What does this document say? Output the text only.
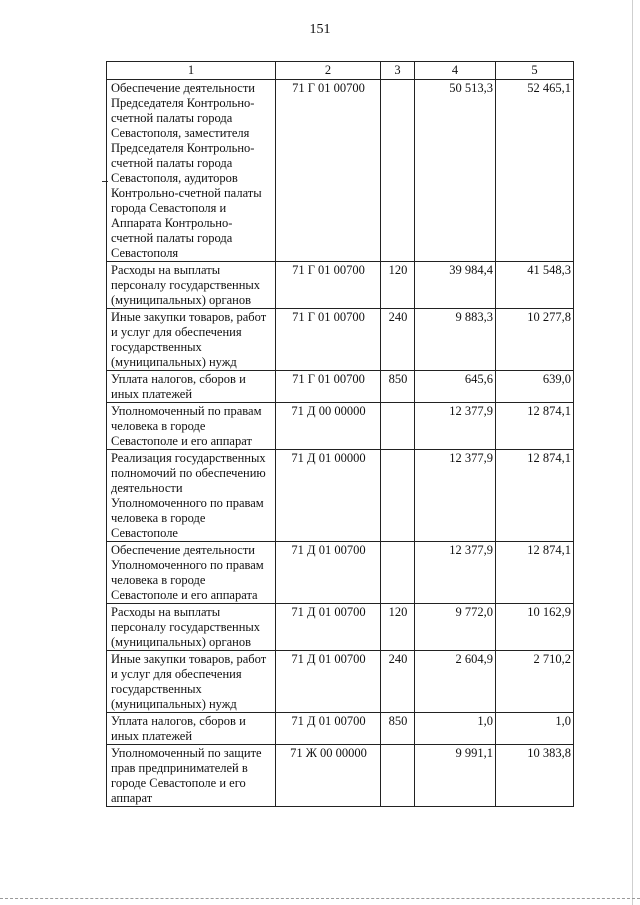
151
1	2	3	4	5
Обеспечение деятельности Председателя Контрольно-счетной палаты города Севастополя, заместителя Председателя Контрольно-счетной палаты города Севастополя, аудиторов Контрольно-счетной палаты города Севастополя и Аппарата Контрольно-счетной палаты города Севастополя	71 Г 01 00700		50 513,3	52 465,1
Расходы на выплаты персоналу государственных (муниципальных) органов	71 Г 01 00700	120	39 984,4	41 548,3
Иные закупки товаров, работ и услуг для обеспечения государственных (муниципальных) нужд	71 Г 01 00700	240	9 883,3	10 277,8
Уплата налогов, сборов и иных платежей	71 Г 01 00700	850	645,6	639,0
Уполномоченный по правам человека в городе Севастополе и его аппарат	71 Д 00 00000		12 377,9	12 874,1
Реализация государственных полномочий по обеспечению деятельности Уполномоченного по правам человека в городе Севастополе	71 Д 01 00000		12 377,9	12 874,1
Обеспечение деятельности Уполномоченного по правам человека в городе Севастополе и его аппарата	71 Д 01 00700		12 377,9	12 874,1
Расходы на выплаты персоналу государственных (муниципальных) органов	71 Д 01 00700	120	9 772,0	10 162,9
Иные закупки товаров, работ и услуг для обеспечения государственных (муниципальных) нужд	71 Д 01 00700	240	2 604,9	2 710,2
Уплата налогов, сборов и иных платежей	71 Д 01 00700	850	1,0	1,0
Уполномоченный по защите прав предпринимателей в городе Севастополе и его аппарат	71 Ж 00 00000		9 991,1	10 383,8
